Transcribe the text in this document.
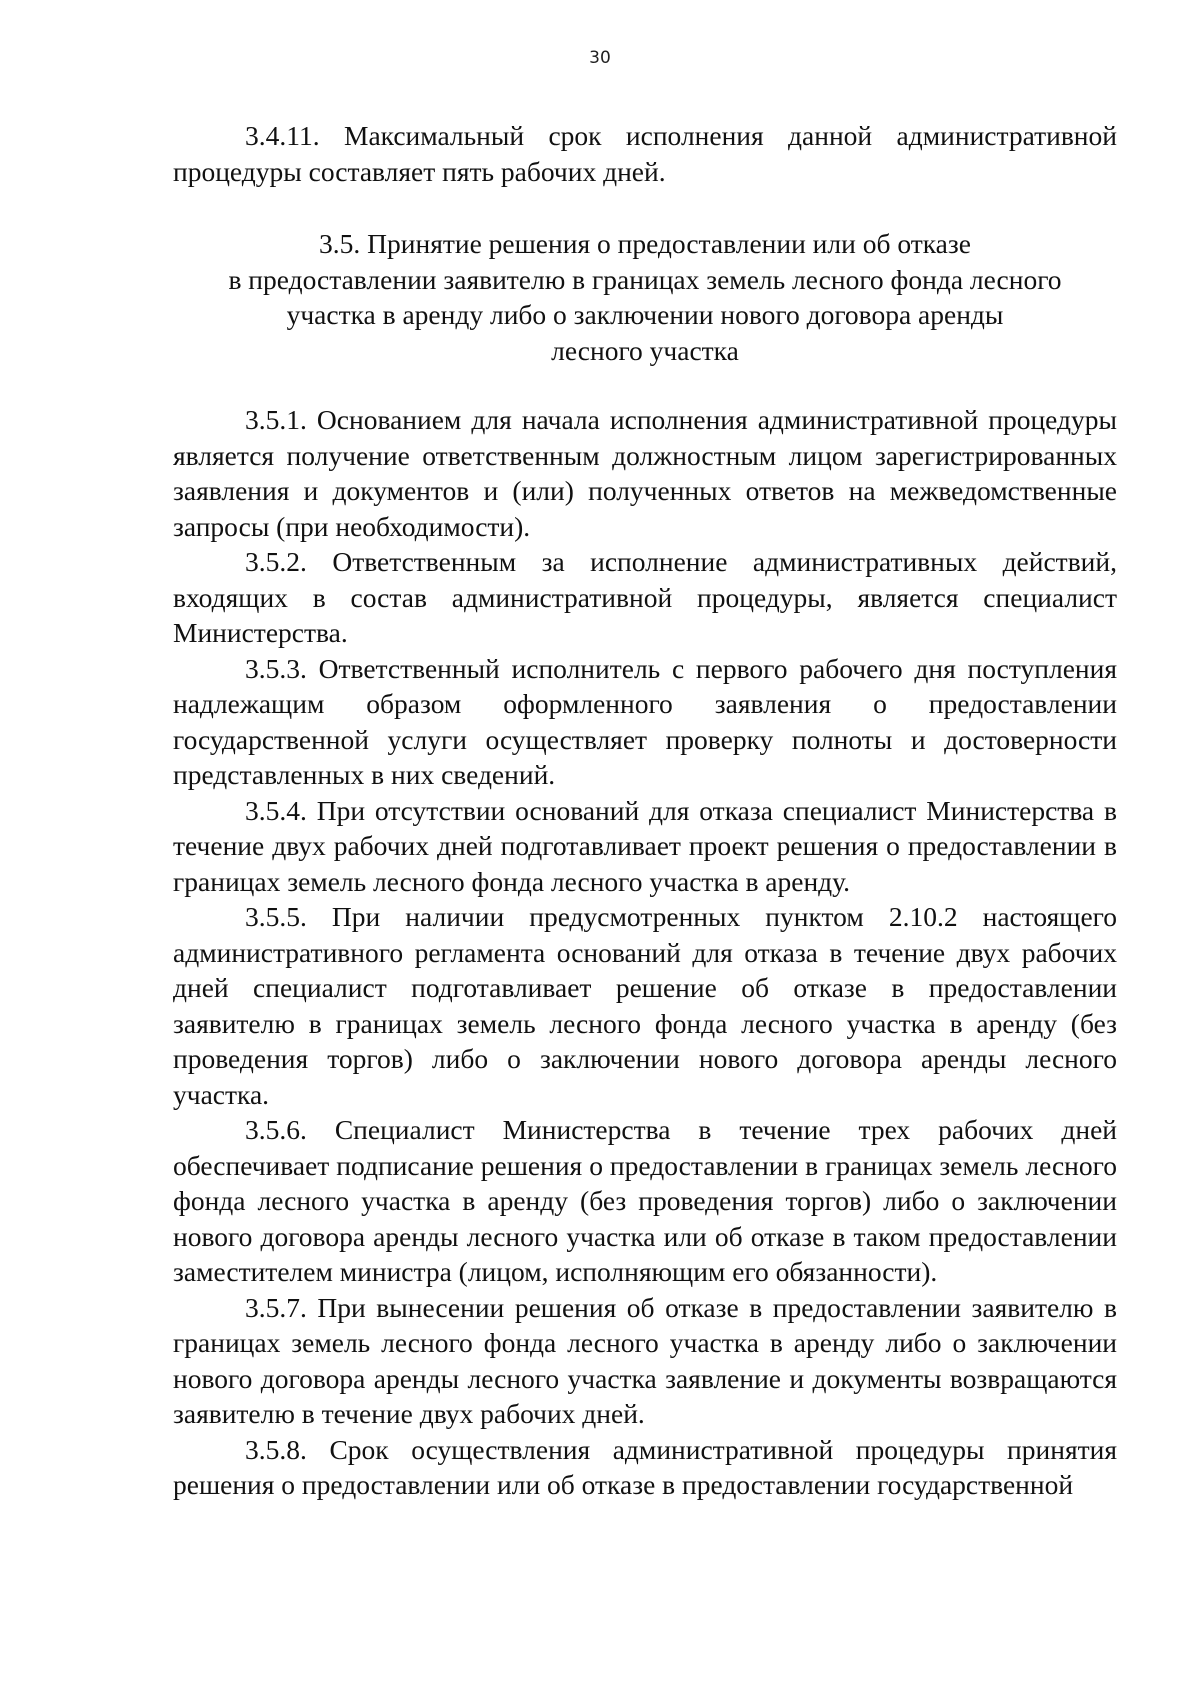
30

3.4.11. Максимальный срок исполнения данной административной процедуры составляет пять рабочих дней.

3.5. Принятие решения о предоставлении или об отказе
в предоставлении заявителю в границах земель лесного фонда лесного
участка в аренду либо о заключении нового договора аренды
лесного участка

3.5.1. Основанием для начала исполнения административной процедуры является получение ответственным должностным лицом зарегистрированных заявления и документов и (или) полученных ответов на межведомственные запросы (при необходимости).

3.5.2. Ответственным за исполнение административных действий, входящих в состав административной процедуры, является специалист Министерства.

3.5.3. Ответственный исполнитель с первого рабочего дня поступления надлежащим образом оформленного заявления о предоставлении государственной услуги осуществляет проверку полноты и достоверности представленных в них сведений.

3.5.4. При отсутствии оснований для отказа специалист Министерства в течение двух рабочих дней подготавливает проект решения о предоставлении в границах земель лесного фонда лесного участка в аренду.

3.5.5. При наличии предусмотренных пунктом 2.10.2 настоящего административного регламента оснований для отказа в течение двух рабочих дней специалист подготавливает решение об отказе в предоставлении заявителю в границах земель лесного фонда лесного участка в аренду (без проведения торгов) либо о заключении нового договора аренды лесного участка.

3.5.6. Специалист Министерства в течение трех рабочих дней обеспечивает подписание решения о предоставлении в границах земель лесного фонда лесного участка в аренду (без проведения торгов) либо о заключении нового договора аренды лесного участка или об отказе в таком предоставлении заместителем министра (лицом, исполняющим его обязанности).

3.5.7. При вынесении решения об отказе в предоставлении заявителю в границах земель лесного фонда лесного участка в аренду либо о заключении нового договора аренды лесного участка заявление и документы возвращаются заявителю в течение двух рабочих дней.

3.5.8. Срок осуществления административной процедуры принятия решения о предоставлении или об отказе в предоставлении государственной
